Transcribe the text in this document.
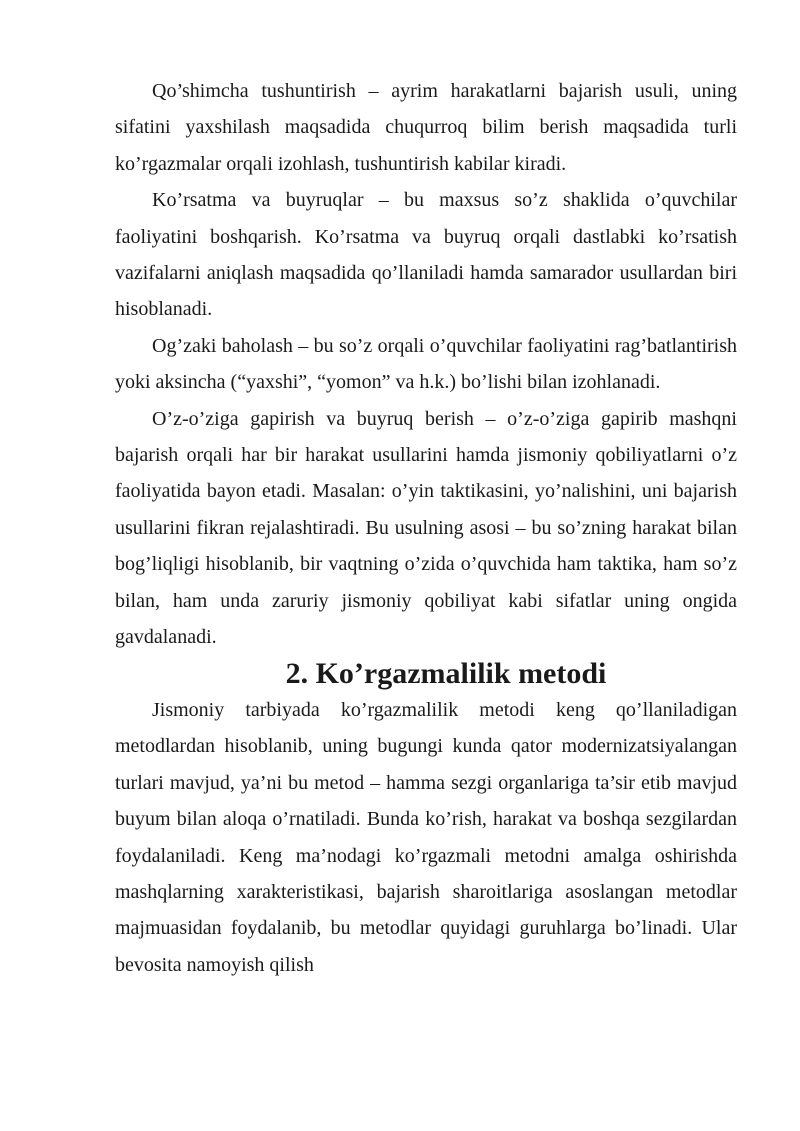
Qo’shimcha tushuntirish – ayrim harakatlarni bajarish usuli, uning sifatini yaxshilash maqsadida chuqurroq bilim berish maqsadida turli ko’rgazmalar orqali izohlash, tushuntirish kabilar kiradi.

Ko’rsatma va buyruqlar – bu maxsus so’z shaklida o’quvchilar faoliyatini boshqarish. Ko’rsatma va buyruq orqali dastlabki ko’rsatish vazifalarni aniqlash maqsadida qo’llaniladi hamda samarador usullardan biri hisoblanadi.

Og’zaki baholash – bu so’z orqali o’quvchilar faoliyatini rag’batlantirish yoki aksincha (“yaxshi”, “yomon” va h.k.) bo’lishi bilan izohlanadi.

O’z-o’ziga gapirish va buyruq berish – o’z-o’ziga gapirib mashqni bajarish orqali har bir harakat usullarini hamda jismoniy qobiliyatlarni o’z faoliyatida bayon etadi. Masalan: o’yin taktikasini, yo’nalishini, uni bajarish usullarini fikran rejalashtiradi. Bu usulning asosi – bu so’zning harakat bilan bog’liqligi hisoblanib, bir vaqtning o’zida o’quvchida ham taktika, ham so’z bilan, ham unda zaruriy jismoniy qobiliyat kabi sifatlar uning ongida gavdalanadi.

2. Ko’rgazmalilik metodi

Jismoniy tarbiyada ko’rgazmalilik metodi keng qo’llaniladigan metodlardan hisoblanib, uning bugungi kunda qator modernizatsiyalangan turlari mavjud, ya’ni bu metod – hamma sezgi organlariga ta’sir etib mavjud buyum bilan aloqa o’rnatiladi. Bunda ko’rish, harakat va boshqa sezgilardan foydalaniladi. Keng ma’nodagi ko’rgazmali metodni amalga oshirishda mashqlarning xarakteristikasi, bajarish sharoitlariga asoslangan metodlar majmuasidan foydalanib, bu metodlar quyidagi guruhlarga bo’linadi. Ular bevosita namoyish qilish
